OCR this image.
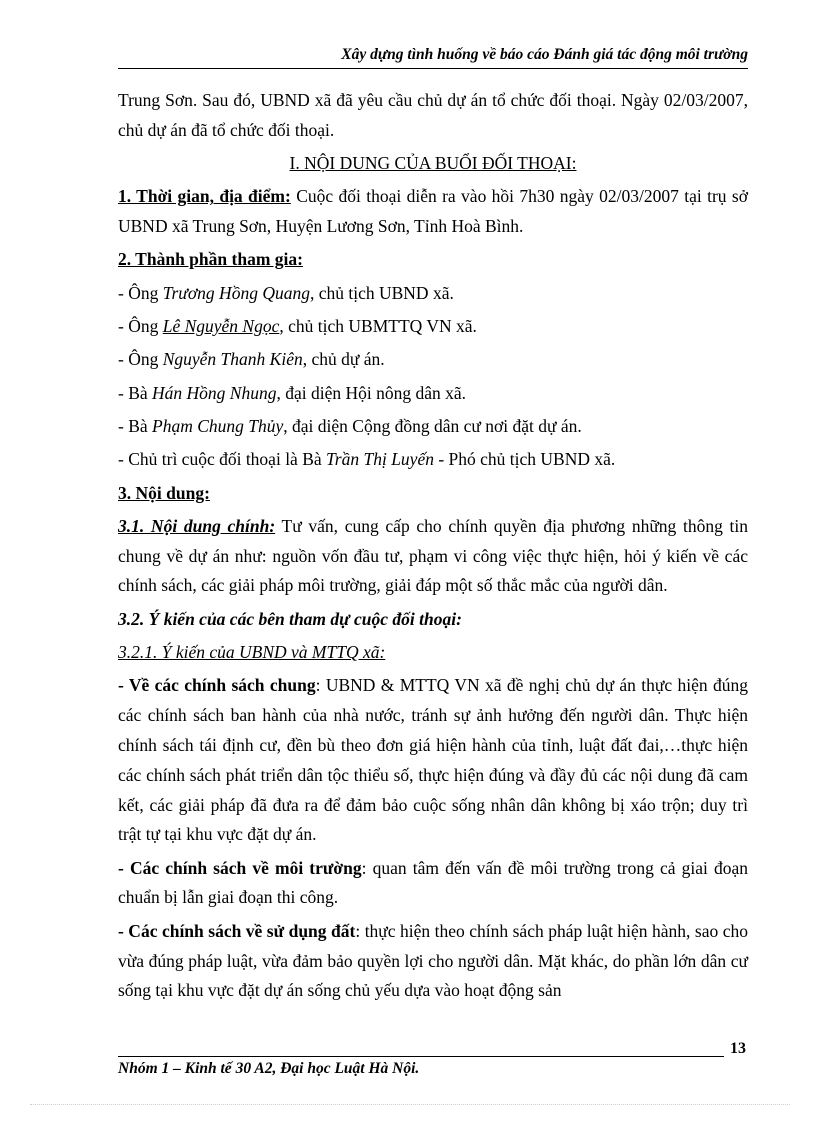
Xây dựng tình huống về báo cáo Đánh giá tác động môi trường

Trung Sơn. Sau đó, UBND xã đã yêu cầu chủ dự án tổ chức đối thoại. Ngày 02/03/2007, chủ dự án đã tổ chức đối thoại.

I. NỘI DUNG CỦA BUỔI ĐỐI THOẠI:

1. Thời gian, địa điểm: Cuộc đối thoại diễn ra vào hồi 7h30 ngày 02/03/2007 tại trụ sở UBND xã Trung Sơn, Huyện Lương Sơn, Tỉnh Hoà Bình.

2. Thành phần tham gia:

- Ông Trương Hồng Quang, chủ tịch UBND xã.

- Ông Lê Nguyễn Ngọc, chủ tịch UBMTTQ VN xã.

- Ông Nguyễn Thanh Kiên, chủ dự án.

- Bà Hán Hồng Nhung, đại diện Hội nông dân xã.

- Bà Phạm Chung Thủy, đại diện Cộng đồng dân cư nơi đặt dự án.

- Chủ trì cuộc đối thoại là Bà Trần Thị Luyến - Phó chủ tịch UBND xã.

3. Nội dung:

3.1. Nội dung chính: Tư vấn, cung cấp cho chính quyền địa phương những thông tin chung về dự án như: nguồn vốn đầu tư, phạm vi công việc thực hiện, hỏi ý kiến về các chính sách, các giải pháp môi trường, giải đáp một số thắc mắc của người dân.

3.2. Ý kiến của các bên tham dự cuộc đối thoại:

3.2.1. Ý kiến của UBND và MTTQ xã:

- Về các chính sách chung: UBND & MTTQ VN xã đề nghị chủ dự án thực hiện đúng các chính sách ban hành của nhà nước, tránh sự ảnh hưởng đến người dân. Thực hiện chính sách tái định cư, đền bù theo đơn giá hiện hành của tỉnh, luật đất đai,…thực hiện các chính sách phát triển dân tộc thiểu số, thực hiện đúng và đầy đủ các nội dung đã cam kết, các giải pháp đã đưa ra để đảm bảo cuộc sống nhân dân không bị xáo trộn; duy trì trật tự tại khu vực đặt dự án.

- Các chính sách về môi trường: quan tâm đến vấn đề môi trường trong cả giai đoạn chuẩn bị lẫn giai đoạn thi công.

- Các chính sách về sử dụng đất: thực hiện theo chính sách pháp luật hiện hành, sao cho vừa đúng pháp luật, vừa đảm bảo quyền lợi cho người dân. Mặt khác, do phần lớn dân cư sống tại khu vực đặt dự án sống chủ yếu dựa vào hoạt động sản

13
Nhóm 1 – Kinh tế 30 A2, Đại học Luật Hà Nội.
